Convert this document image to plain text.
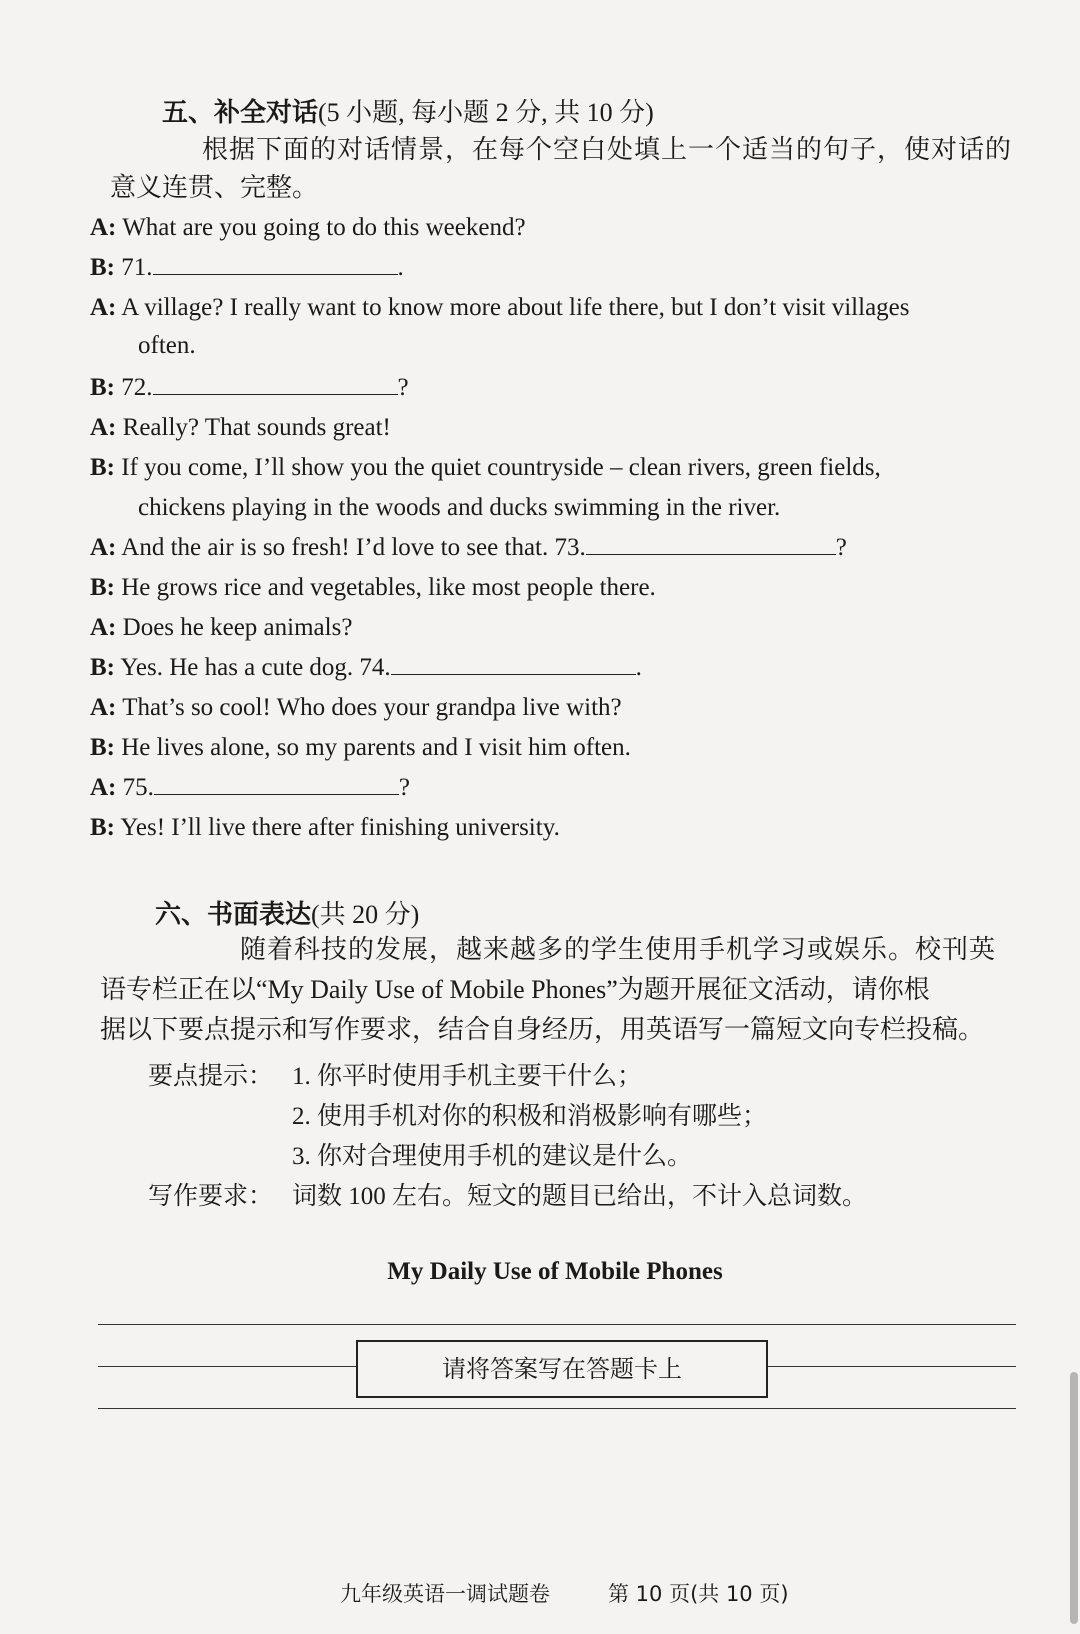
五、补全对话(5 小题, 每小题 2 分, 共 10 分)
根据下面的对话情景，在每个空白处填上一个适当的句子，使对话的
意义连贯、完整。
A: What are you going to do this weekend?
B: 71.	.
A: A village? I really want to know more about life there, but I don’t visit villages
often.
B: 72.	?
A: Really? That sounds great!
B: If you come, I’ll show you the quiet countryside – clean rivers, green fields,
chickens playing in the woods and ducks swimming in the river.
A: And the air is so fresh! I’d love to see that. 73.	?
B: He grows rice and vegetables, like most people there.
A: Does he keep animals?
B: Yes. He has a cute dog. 74.	.
A: That’s so cool! Who does your grandpa live with?
B: He lives alone, so my parents and I visit him often.
A: 75.	?
B: Yes! I’ll live there after finishing university.
六、书面表达(共 20 分)
随着科技的发展，越来越多的学生使用手机学习或娱乐。校刊英
语专栏正在以“My Daily Use of Mobile Phones”为题开展征文活动，请你根
据以下要点提示和写作要求，结合自身经历，用英语写一篇短文向专栏投稿。
要点提示： 1. 你平时使用手机主要干什么；
2. 使用手机对你的积极和消极影响有哪些；
3. 你对合理使用手机的建议是什么。
写作要求： 词数 100 左右。短文的题目已给出，不计入总词数。
My Daily Use of Mobile Phones
请将答案写在答题卡上
九年级英语一调试题卷	第 10 页(共 10 页)
